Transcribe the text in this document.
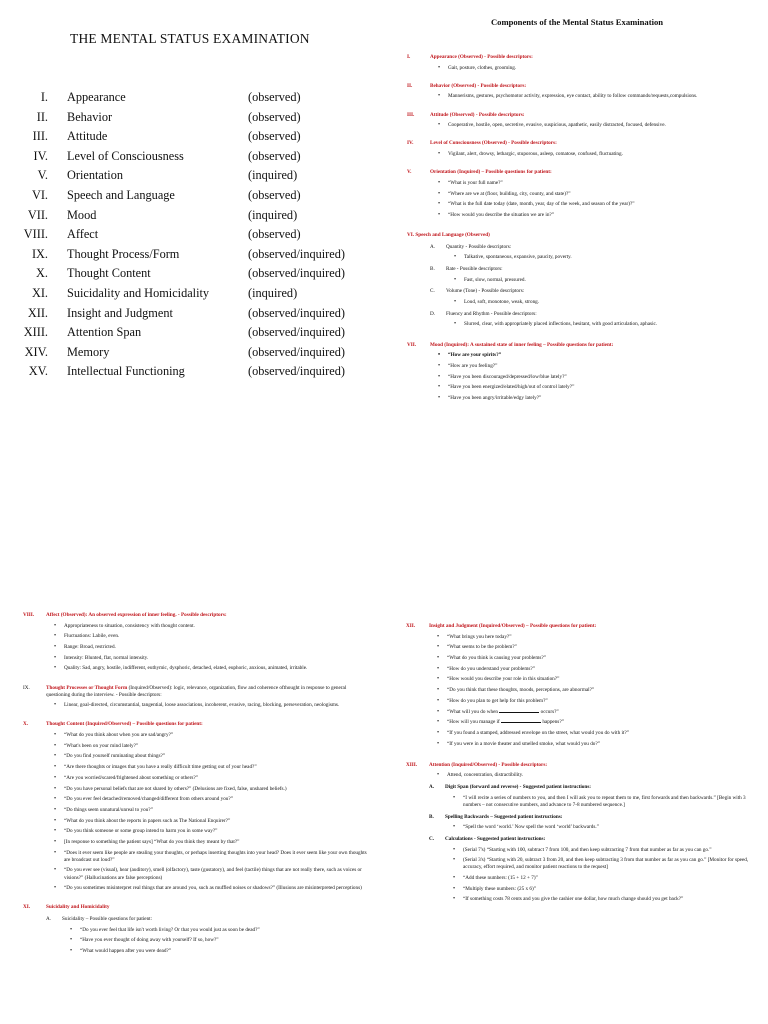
THE MENTAL STATUS EXAMINATION
I. Appearance	(observed)
II. Behavior	(observed)
III. Attitude	(observed)
IV. Level of Consciousness	(observed)
V. Orientation	(inquired)
VI. Speech and Language	(observed)
VII. Mood	(inquired)
VIII. Affect	(observed)
IX. Thought Process/Form	(observed/inquired)
X. Thought Content	(observed/inquired)
XI. Suicidality and Homicidality	(inquired)
XII. Insight and Judgment	(observed/inquired)
XIII. Attention Span	(observed/inquired)
XIV. Memory	(observed/inquired)
XV. Intellectual Functioning	(observed/inquired)
Components of the Mental Status Examination
I.	Appearance (Observed) - Possible descriptors:
• Gait, posture, clothes, grooming.
II.	Behavior (Observed) - Possible descriptors:
• Mannerisms, gestures, psychomotor activity, expression, eye contact, ability to follow commands/requests,compulsions.
III.	Attitude (Observed) - Possible descriptors:
• Cooperative, hostile, open, secretive, evasive, suspicious, apathetic, easily distracted, focused, defensive.
IV.	Level of Consciousness (Observed) - Possible descriptors:
• Vigilant, alert, drowsy, lethargic, stuporous, asleep, comatose, confused, fluctuating.
V.	Orientation (Inquired) – Possible questions for patient:
• “What is your full name?”
• “Where are we at (floor, building, city, county, and state)?”
• “What is the full date today (date, month, year, day of the week, and season of the year)?”
• “How would you describe the situation we are in?”
VI. Speech and Language (Observed)
A.	Quantity - Possible descriptors:
• Talkative, spontaneous, expansive, paucity, poverty.
B.	Rate - Possible descriptors:
• Fast, slow, normal, pressured.
C.	Volume (Tone) - Possible descriptors:
• Loud, soft, monotone, weak, strong.
D.	Fluency and Rhythm - Possible descriptors:
• Slurred, clear, with appropriately placed inflections, hesitant, with good articulation, aphasic.
VII.	Mood (Inquired): A sustained state of inner feeling – Possible questions for patient:
• “How are your spirits?”
• “How are you feeling?”
• “Have you been discouraged/depressed/low/blue lately?”
• “Have you been energized/elated/high/out of control lately?”
• “Have you been angry/irritable/edgy lately?”
VIII.	Affect (Observed): An observed expression of inner feeling. - Possible descriptors:
• Appropriateness to situation, consistency with thought content.
• Fluctuations: Labile, even.
• Range: Broad, restricted.
• Intensity: Blunted, flat, normal intensity.
• Quality: Sad, angry, hostile, indifferent, euthymic, dysphoric, detached, elated, euphoric, anxious, animated, irritable.
IX.	Thought Processes or Thought Form (Inquired/Observed): logic, relevance, organization, flow and coherence ofthought in response to general questioning during the interview. - Possible descriptors:
• Linear, goal-directed, circumstantial, tangential, loose associations, incoherent, evasive, racing, blocking, perseveration, neologisms.
X.	Thought Content (Inquired/Observed) – Possible questions for patient:
• “What do you think about when you are sad/angry?”
• “What's been on your mind lately?”
• “Do you find yourself ruminating about things?”
• “Are there thoughts or images that you have a really difficult time getting out of your head?”
• “Are you worried/scared/frightened about something or others?”
• “Do you have personal beliefs that are not shared by others?” (Delusions are fixed, false, unshared beliefs.)
• “Do you ever feel detached/removed/changed/different from others around you?”
• “Do things seem unnatural/unreal to you?”
• “What do you think about the reports in papers such as The National Enquirer?”
• “Do you think someone or some group intend to harm you in some way?”
• [In response to something the patient says] “What do you think they meant by that?”
• “Does it ever seem like people are stealing your thoughts, or perhaps inserting thoughts into your head? Does it ever seem like your own thoughts are broadcast out loud?”
• “Do you ever see (visual), hear (auditory), smell (olfactory), taste (gustatory), and feel (tactile) things that are not really there, such as voices or visions?” (Hallucinations are false perceptions)
• “Do you sometimes misinterpret real things that are around you, such as muffled noises or shadows?” (Illusions are misinterpreted perceptions)
XI.	Suicidality and Homicidality
A.	Suicidality – Possible questions for patient:
• “Do you ever feel that life isn't worth living? Or that you would just as soon be dead?”
• “Have you ever thought of doing away with yourself? If so, how?”
• “What would happen after you were dead?”
XII.	Insight and Judgment (Inquired/Observed) – Possible questions for patient:
• “What brings you here today?”
• “What seems to be the problem?”
• “What do you think is causing your problems?”
• “How do you understand your problems?”
• “How would you describe your role in this situation?”
• “Do you think that these thoughts, moods, perceptions, are abnormal?”
• “How do you plan to get help for this problem?”
• “What will you do when	occurs?”
• “How will you manage if	happens?”
• “If you found a stamped, addressed envelope on the street, what would you do with it?”
• “If you were in a movie theater and smelled smoke, what would you do?”
XIII.	Attention (Inquired/Observed) - Possible descriptors:
• Attend, concentration, distractibility.
A.	Digit Span (forward and reverse) - Suggested patient instructions:
• “I will recite a series of numbers to you, and then I will ask you to repeat them to me, first forwards and then backwards.” [Begin with 3 numbers – not consecutive numbers, and advance to 7-8 numbered sequence.]
B.	Spelling Backwards – Suggested patient instructions:
• “Spell the word ‘world.’ Now spell the word ‘world’ backwards.”
C.	Calculations - Suggested patient instructions:
• (Serial 7's) “Starting with 100, subtract 7 from 100, and then keep subtracting 7 from that number as far as you can go.”
• (Serial 3's) “Starting with 20, subtract 3 from 20, and then keep subtracting 3 from that number as far as you can go.” [Monitor for speed, accuracy, effort required, and monitor patient reactions to the request]
• “Add these numbers: (15 + 12 + 7)”
• “Multiply these numbers: (25 x 6)”
• “If something costs 78 cents and you give the cashier one dollar, how much change should you get back?”
